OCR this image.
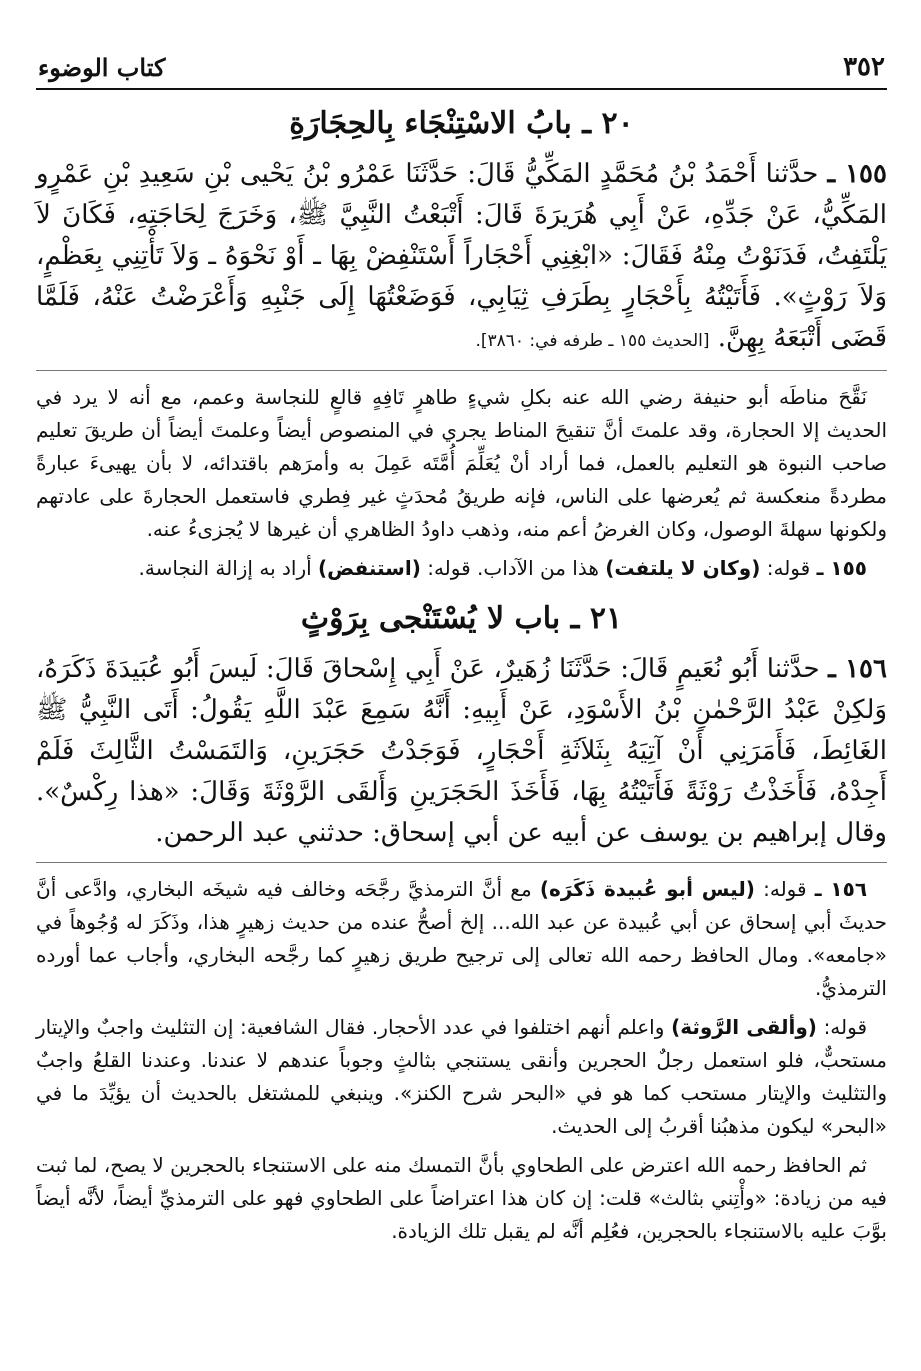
٣٥٢
كتاب الوضوء
٢٠ ـ بابُ الاسْتِنْجَاء بِالحِجَارَةِ

١٥٥ ـ حدَّثنا أَحْمَدُ بْنُ مُحَمَّدٍ المَكِّيُّ قَالَ: حَدَّثَنَا عَمْرُو بْنُ يَحْيى بْنِ سَعِيدِ بْنِ عَمْرٍو المَكِّيُّ، عَنْ جَدِّهِ، عَنْ أَبِي هُرَيرَةَ قَالَ: أَتْبَعْتُ النَّبِيَّ ﷺ، وَخَرَجَ لِحَاجَتِهِ، فَكَانَ لاَ يَلْتَفِتُ، فَدَنَوْتُ مِنْهُ فَقَالَ: «ابْغِنِي أَحْجَاراً أَسْتَنْفِضْ بِهَا ـ أَوْ نَحْوَهُ ـ وَلاَ تَأْتِنِي بِعَظْمٍ، وَلاَ رَوْثٍ». فَأَتَيْتُهُ بِأَحْجَارٍ بِطَرَفِ ثِيَابِي، فَوَضَعْتُهَا إِلَى جَنْبِهِ وَأَعْرَضْتُ عَنْهُ، فَلَمَّا قَضَى أَتْبَعَهُ بِهِنَّ. [الحديث ١٥٥ ـ طرفه في: ٣٨٦٠].

نَقَّحَ مناطَه أبو حنيفة رضي الله عنه بكلِ شيءٍ طاهرٍ تَافِهٍ قالعٍ للنجاسة وعمم، مع أنه لا يرد في الحديث إلا الحجارة، وقد علمتَ أنَّ تنقيحَ المناط يجري في المنصوص أيضاً وعلمتَ أيضاً أن طريقَ تعليم صاحب النبوة هو التعليم بالعمل، فما أراد أنْ يُعَلِّمَ أُمَّتَه عَمِلَ به وأمرَهم باقتدائه، لا بأن يهيىءَ عبارةً مطردةً منعكسة ثم يُعرضها على الناس، فإنه طريقُ مُحدَثٍ غير فِطري فاستعمل الحجارةَ على عادتهم ولكونها سهلةَ الوصول، وكان الغرضُ أعم منه، وذهب داودُ الظاهري أن غيرها لا يُجزىءُ عنه.

١٥٥ ـ قوله: (وكان لا يلتفت) هذا من الآداب. قوله: (استنفض) أراد به إزالة النجاسة.

٢١ ـ باب لا يُسْتَنْجى بِرَوْثٍ

١٥٦ ـ حدَّثنا أَبُو نُعَيمٍ قَالَ: حَدَّثَنَا زُهَيرٌ، عَنْ أَبِي إِسْحاقَ قَالَ: لَيسَ أَبُو عُبَيدَةَ ذَكَرَهُ، وَلكِنْ عَبْدُ الرَّحْمٰنِ بْنُ الأَسْوَدِ، عَنْ أَبِيهِ: أَنَّهُ سَمِعَ عَبْدَ اللَّهِ يَقُولُ: أَتَى النَّبِيُّ ﷺ الغَائِطَ، فَأَمَرَنِي أَنْ آتِيَهُ بِثَلاَثَةِ أَحْجَارٍ، فَوَجَدْتُ حَجَرَينِ، وَالتَمَسْتُ الثَّالِثَ فَلَمْ أَجِدْهُ، فَأَخَذْتُ رَوْثَةً فَأَتَيْتُهُ بِهَا، فَأَخَذَ الحَجَرَينِ وَأَلقَى الرَّوْثَةَ وَقَالَ: «هذا رِكْسٌ». وقال إبراهيم بن يوسف عن أبيه عن أبي إسحاق: حدثني عبد الرحمن.

١٥٦ ـ قوله: (ليس أبو عُبيدة ذَكَرَه) مع أنَّ الترمذيَّ رجَّحَه وخالف فيه شيخَه البخاري، وادَّعى أنَّ حديثَ أبي إسحاق عن أبي عُبيدة عن عبد الله... إلخ أصحُّ عنده من حديث زهيرٍ هذا، وذَكَرَ له وُجُوهاً في «جامعه». ومال الحافظ رحمه الله تعالى إلى ترجيح طريق زهيرٍ كما رجَّحه البخاري، وأجاب عما أورده الترمذيُّ.

قوله: (وألقى الرَّوثة) واعلم أنهم اختلفوا في عدد الأحجار. فقال الشافعية: إن التثليث واجبٌ والإيتار مستحبٌّ، فلو استعمل رجلٌ الحجرين وأنقى يستنجي بثالثٍ وجوباً عندهم لا عندنا. وعندنا القلعُ واجبٌ والتثليث والإيتار مستحب كما هو في «البحر شرح الكنز». وينبغي للمشتغل بالحديث أن يؤيِّدَ ما في «البحر» ليكون مذهبُنا أقربُ إلى الحديث.

ثم الحافظ رحمه الله اعترض على الطحاوي بأنَّ التمسك منه على الاستنجاء بالحجرين لا يصح، لما ثبت فيه من زيادة: «وأْتِني بثالث» قلت: إن كان هذا اعتراضاً على الطحاوي فهو على الترمذيِّ أيضاً، لأنَّه أيضاً بوَّبَ عليه بالاستنجاء بالحجرين، فعُلِم أنَّه لم يقبل تلك الزيادة.
